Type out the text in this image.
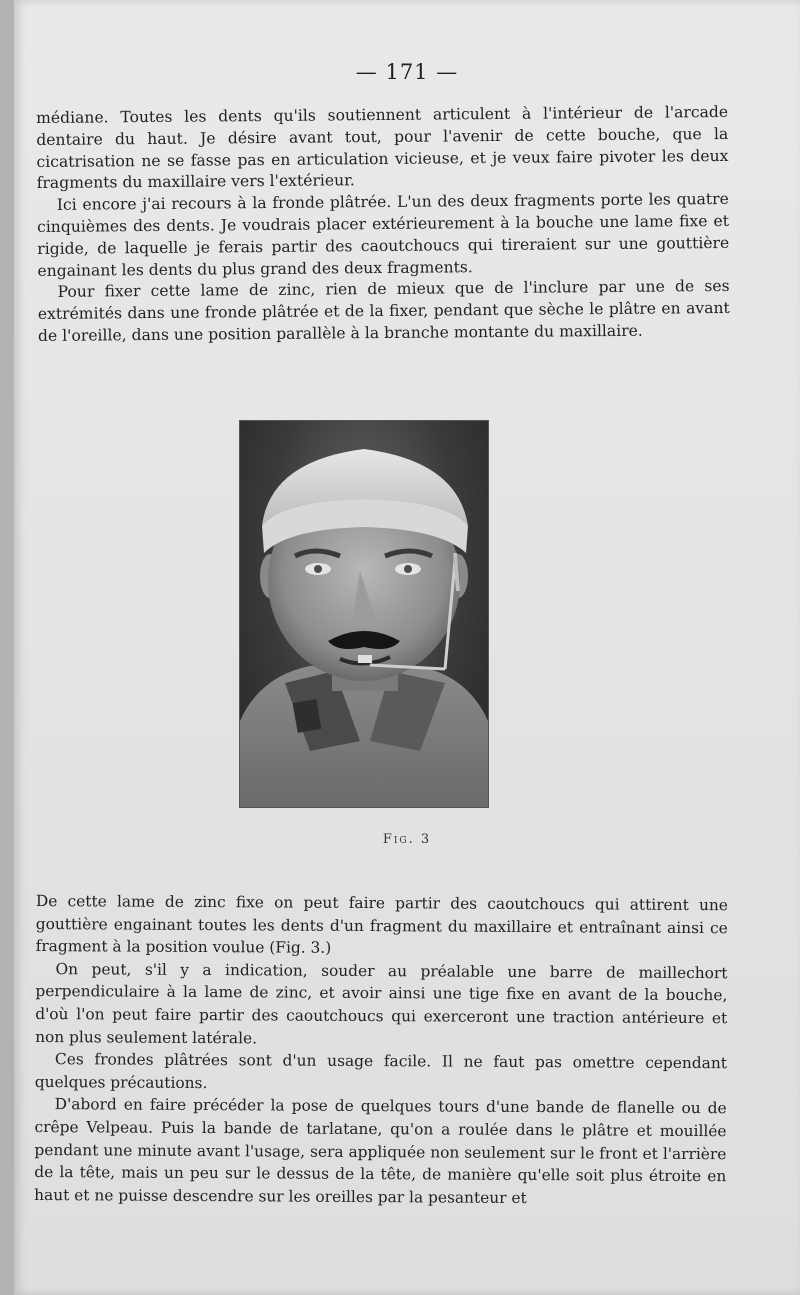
— 171 —

médiane. Toutes les dents qu'ils soutiennent articulent à l'intérieur de l'arcade dentaire du haut. Je désire avant tout, pour l'avenir de cette bouche, que la cicatrisation ne se fasse pas en articulation vicieuse, et je veux faire pivoter les deux fragments du maxillaire vers l'extérieur.

Ici encore j'ai recours à la fronde plâtrée. L'un des deux fragments porte les quatre cinquièmes des dents. Je voudrais placer extérieurement à la bouche une lame fixe et rigide, de laquelle je ferais partir des caoutchoucs qui tireraient sur une gouttière engainant les dents du plus grand des deux fragments.

Pour fixer cette lame de zinc, rien de mieux que de l'inclure par une de ses extrémités dans une fronde plâtrée et de la fixer, pendant que sèche le plâtre en avant de l'oreille, dans une position parallèle à la branche montante du maxillaire.

Fig. 3

De cette lame de zinc fixe on peut faire partir des caoutchoucs qui attirent une gouttière engainant toutes les dents d'un fragment du maxillaire et entraînant ainsi ce fragment à la position voulue (Fig. 3.)

On peut, s'il y a indication, souder au préalable une barre de maillechort perpendiculaire à la lame de zinc, et avoir ainsi une tige fixe en avant de la bouche, d'où l'on peut faire partir des caoutchoucs qui exerceront une traction antérieure et non plus seulement latérale.

Ces frondes plâtrées sont d'un usage facile. Il ne faut pas omettre cependant quelques précautions.

D'abord en faire précéder la pose de quelques tours d'une bande de flanelle ou de crêpe Velpeau. Puis la bande de tarlatane, qu'on a roulée dans le plâtre et mouillée pendant une minute avant l'usage, sera appliquée non seulement sur le front et l'arrière de la tête, mais un peu sur le dessus de la tête, de manière qu'elle soit plus étroite en haut et ne puisse descendre sur les oreilles par la pesanteur et
